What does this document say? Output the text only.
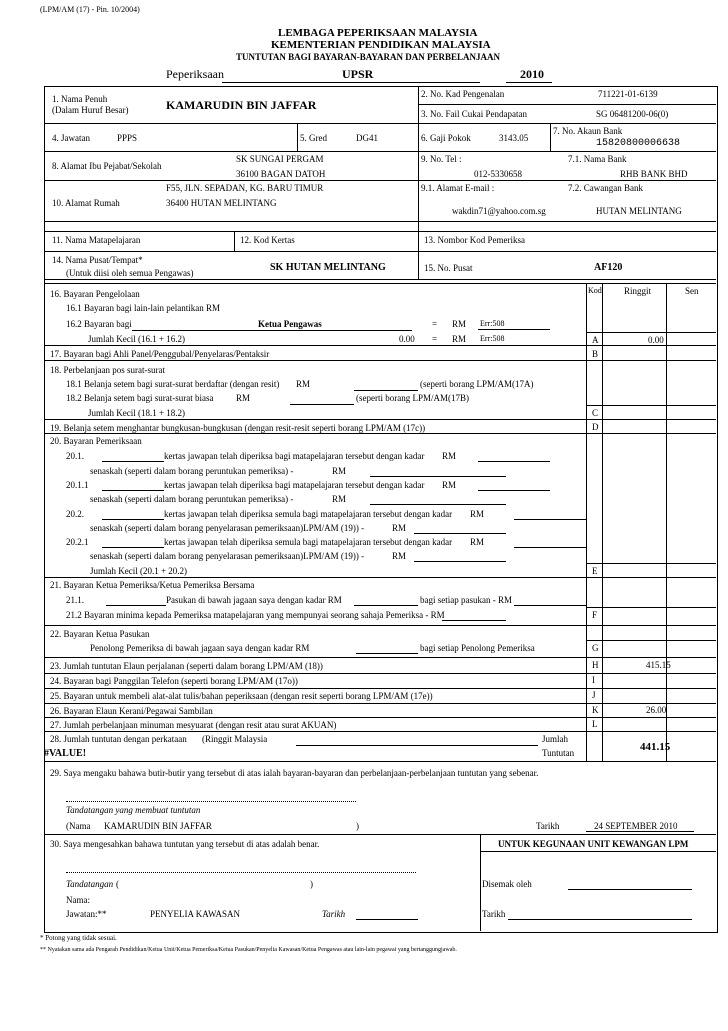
(LPM/AM (17) - Pin. 10/2004)
LEMBAGA PEPERIKSAAN MALAYSIA
KEMENTERIAN PENDIDIKAN MALAYSIA
TUNTUTAN BAGI BAYARAN-BAYARAN DAN PERBELANJAAN
Peperiksaan	UPSR	2010
1. Nama Penuh
(Dalam Huruf Besar)	KAMARUDIN BIN JAFFAR
2. No. Kad Pengenalan	711221-01-6139
3. No. Fail Cukai Pendapatan	SG 06481200-06(0)
4. Jawatan	PPPS	5. Gred	DG41	6. Gaji Pokok	3143.05
7. No. Akaun Bank
15820800006638
8. Alamat Ibu Pejabat/Sekolah
SK SUNGAI PERGAM
36100 BAGAN DATOH
9. No. Tel :
012-5330658
7.1. Nama Bank
RHB BANK BHD
F55, JLN. SEPADAN, KG. BARU TIMUR
10. Alamat Rumah	36400 HUTAN MELINTANG
9.1. Alamat E-mail :
wakdin71@yahoo.com.sg
7.2. Cawangan Bank
HUTAN MELINTANG
11. Nama Matapelajaran	12. Kod Kertas	13. Nombor Kod Pemeriksa
14. Nama Pusat/Tempat*
(Untuk diisi oleh semua Pengawas)	SK HUTAN MELINTANG	15. No. Pusat	AF120
Kod Ringgit	Sen
16. Bayaran Pengelolaan
16.1 Bayaran bagi lain-lain pelantikan RM
16.2 Bayaran bagi	Ketua Pengawas	= RM Err:508
Jumlah Kecil (16.1 + 16.2)	0.00 = RM Err:508	A	0.00
17. Bayaran bagi Ahli Panel/Penggubal/Penyelaras/Pentaksir	B
18. Perbelanjaan pos surat-surat
18.1 Belanja setem bagi surat-surat berdaftar (dengan resit) RM	(seperti borang LPM/AM(17A)
18.2 Belanja setem bagi surat-surat biasa	RM	(seperti borang LPM/AM(17B)
Jumlah Kecil (18.1 + 18.2)	C
19. Belanja setem menghantar bungkusan-bungkusan (dengan resit-resit seperti borang LPM/AM (17c))	D
20. Bayaran Pemeriksaan
20.1.	kertas jawapan telah diperiksa bagi matapelajaran tersebut dengan kadar RM
senaskah (seperti dalam borang peruntukan pemeriksa) -	RM
20.1.1	kertas jawapan telah diperiksa bagi matapelajaran tersebut dengan kadar RM
senaskah (seperti dalam borang peruntukan pemeriksa) -	RM
20.2.	kertas jawapan telah diperiksa semula bagi matapelajaran tersebut dengan kadar RM
senaskah (seperti dalam borang penyelarasan pemeriksaan)LPM/AM (19)) -	RM
20.2.1	kertas jawapan telah diperiksa semula bagi matapelajaran tersebut dengan kadar RM
senaskah (seperti dalam borang penyelarasan pemeriksaan)LPM/AM (19)) -	RM
Jumlah Kecil (20.1 + 20.2)	E
21. Bayaran Ketua Pemeriksa/Ketua Pemeriksa Bersama
21.1.	Pasukan di bawah jagaan saya dengan kadar RM	bagi setiap pasukan - RM
21.2 Bayaran minima kepada Pemeriksa matapelajaran yang mempunyai seorang sahaja Pemeriksa - RM	F
22. Bayaran Ketua Pasukan
Penolong Pemeriksa di bawah jagaan saya dengan kadar RM	bagi setiap Penolong Pemeriksa	G
23. Jumlah tuntutan Elaun perjalanan (seperti dalam borang LPM/AM (18))	H	415.15
24. Bayaran bagi Panggilan Telefon (seperti borang LPM/AM (17o))	I
25. Bayaran untuk membeli alat-alat tulis/bahan peperiksaan (dengan resit seperti borang LPM/AM (17e))	J
26. Bayaran Elaun Kerani/Pegawai Sambilan	K	26.00
27. Jumlah perbelanjaan minuman mesyuarat (dengan resit atau surat AKUAN)	L
28. Jumlah tuntutan dengan perkataan (Ringgit Malaysia	Jumlah
#VALUE!	Tuntutan	441.15
29. Saya mengaku bahawa butir-butir yang tersebut di atas ialah bayaran-bayaran dan perbelanjaan-perbelanjaan tuntutan yang sebenar.
Tandatangan yang membuat tuntutan
(Nama KAMARUDIN BIN JAFFAR	)	Tarikh	24 SEPTEMBER 2010
30. Saya mengesahkan bahawa tuntutan yang tersebut di atas adalah benar.	UNTUK KEGUNAAN UNIT KEWANGAN LPM
Tandatangan (	)	Disemak oleh
Nama:
Jawatan:**	PENYELIA KAWASAN	Tarikh	Tarikh
* Potong yang tidak sesuai.
** Nyatakan sama ada Pengarah Pendidikan/Ketua Unit/Ketua Pemeriksa/Ketua Pasukan/Penyelia Kawasan/Ketua Pengawas atau lain-lain pegawai yang bertanggungjawab.
